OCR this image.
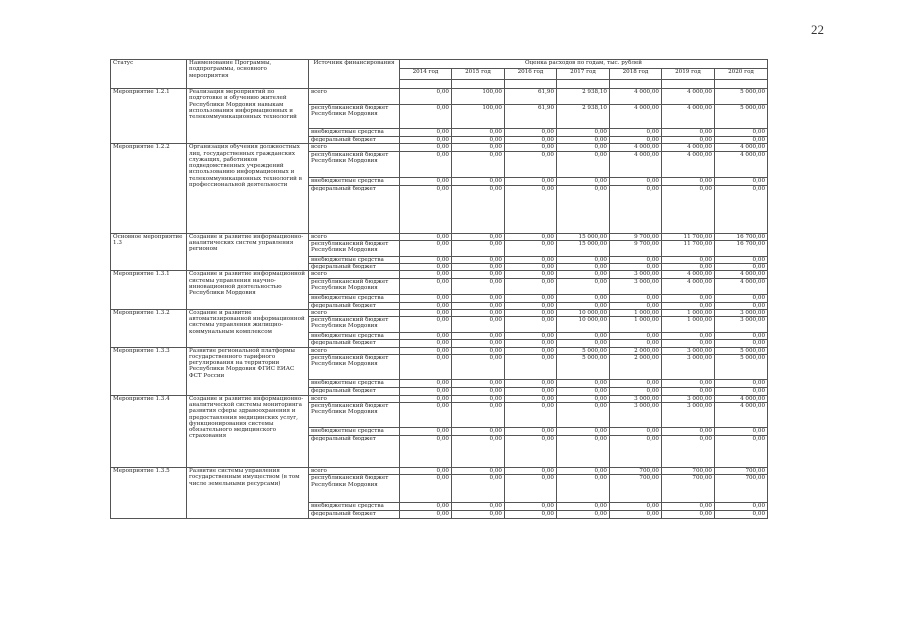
22
Статус	Наименование Программы, подпрограммы, основного мероприятия	Источник финансирования	Оценка расходов по годам, тыс. рублей						
			2014 год	2015 год	2016 год	2017 год	2018 год	2019 год	2020 год

Мероприятие 1.2.1	Реализация мероприятий по подготовке и обучению жителей Республики Мордовия навыкам использования информационных и телекоммуникационных технологий	всего	0,00	100,00	61,90	2 938,10	4 000,00	4 000,00	5 000,00
		республиканский бюджет Республики Мордовия	0,00	100,00	61,90	2 938,10	4 000,00	4 000,00	5 000,00
		внебюджетные средства	0,00	0,00	0,00	0,00	0,00	0,00	0,00
		федеральный бюджет	0,00	0,00	0,00	0,00	0,00	0,00	0,00
Мероприятие 1.2.2	Организация обучения должностных лиц, государственных гражданских служащих, работников подведомственных учреждений использованию информационных и телекоммуникационных технологий в профессиональной деятельности	всего	0,00	0,00	0,00	0,00	4 000,00	4 000,00	4 000,00
		республиканский бюджет Республики Мордовия	0,00	0,00	0,00	0,00	4 000,00	4 000,00	4 000,00
		внебюджетные средства	0,00	0,00	0,00	0,00	0,00	0,00	0,00
		федеральный бюджет	0,00	0,00	0,00	0,00	0,00	0,00	0,00
Основное мероприятие 1.3	Создание и развитие информационно-аналитических систем управления регионом	всего	0,00	0,00	0,00	15 000,00	9 700,00	11 700,00	16 700,00
		республиканский бюджет Республики Мордовия	0,00	0,00	0,00	15 000,00	9 700,00	11 700,00	16 700,00
		внебюджетные средства	0,00	0,00	0,00	0,00	0,00	0,00	0,00
		федеральный бюджет	0,00	0,00	0,00	0,00	0,00	0,00	0,00
Мероприятие 1.3.1	Создание и развитие информационной системы управления научно-инновационной деятельностью Республики Мордовия	всего	0,00	0,00	0,00	0,00	3 000,00	4 000,00	4 000,00
		республиканский бюджет Республики Мордовия	0,00	0,00	0,00	0,00	3 000,00	4 000,00	4 000,00
		внебюджетные средства	0,00	0,00	0,00	0,00	0,00	0,00	0,00
		федеральный бюджет	0,00	0,00	0,00	0,00	0,00	0,00	0,00
Мероприятие 1.3.2	Создание и развитие автоматизированной информационной системы управления жилищно-коммунальным комплексом	всего	0,00	0,00	0,00	10 000,00	1 000,00	1 000,00	3 000,00
		республиканский бюджет Республики Мордовия	0,00	0,00	0,00	10 000,00	1 000,00	1 000,00	3 000,00
		внебюджетные средства	0,00	0,00	0,00	0,00	0,00	0,00	0,00
		федеральный бюджет	0,00	0,00	0,00	0,00	0,00	0,00	0,00
Мероприятие 1.3.3	Развитие региональной платформы государственного тарифного регулирования на территории Республики Мордовия ФГИС ЕИАС ФСТ России	всего	0,00	0,00	0,00	5 000,00	2 000,00	3 000,00	5 000,00
		республиканский бюджет Республики Мордовия	0,00	0,00	0,00	5 000,00	2 000,00	3 000,00	5 000,00
		внебюджетные средства	0,00	0,00	0,00	0,00	0,00	0,00	0,00
		федеральный бюджет	0,00	0,00	0,00	0,00	0,00	0,00	0,00
Мероприятие 1.3.4	Создание и развитие информационно-аналитической системы мониторинга развития сферы здравоохранения и предоставления медицинских услуг, функционирования системы обязательного медицинского страхования	всего	0,00	0,00	0,00	0,00	3 000,00	3 000,00	4 000,00
		республиканский бюджет Республики Мордовия	0,00	0,00	0,00	0,00	3 000,00	3 000,00	4 000,00
		внебюджетные средства	0,00	0,00	0,00	0,00	0,00	0,00	0,00
		федеральный бюджет	0,00	0,00	0,00	0,00	0,00	0,00	0,00
Мероприятие 1.3.5	Развитие системы управления государственным имуществом (в том числе земельными ресурсами)	всего	0,00	0,00	0,00	0,00	700,00	700,00	700,00
		республиканский бюджет Республики Мордовия	0,00	0,00	0,00	0,00	700,00	700,00	700,00
		внебюджетные средства	0,00	0,00	0,00	0,00	0,00	0,00	0,00
		федеральный бюджет	0,00	0,00	0,00	0,00	0,00	0,00	0,00
